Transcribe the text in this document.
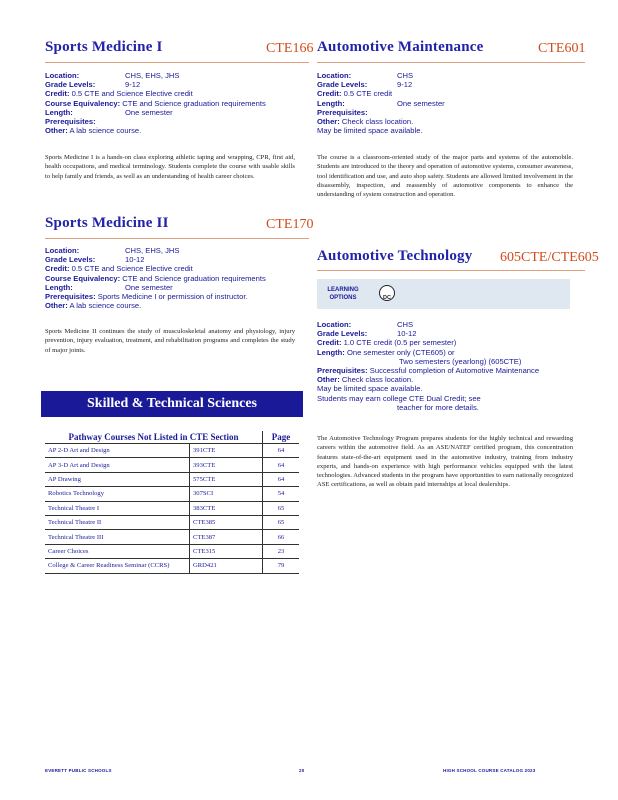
Sports Medicine I	CTE166
Location:	CHS, EHS, JHS
Grade Levels:	9-12
Credit: 0.5 CTE and Science Elective credit
Course Equivalency: CTE and Science graduation requirements
Length:	One semester
Prerequisites:
Other: A lab science course.
Sports Medicine I is a hands-on class exploring athletic taping and wrapping, CPR, first aid, health occupations, and medical terminology. Students complete the course with usable skills to help family and friends, as well as an understanding of health career choices.
Sports Medicine II	CTE170
Location:	CHS, EHS, JHS
Grade Levels:	10-12
Credit: 0.5 CTE and Science Elective credit
Course Equivalency: CTE and Science graduation requirements
Length:	One semester
Prerequisites: Sports Medicine I or permission of instructor.
Other: A lab science course.
Sports Medicine II continues the study of musculoskeletal anatomy and physiology, injury prevention, injury evaluation, treatment, and rehabilitation programs and completes the study of major joints.
Skilled & Technical Sciences
Pathway Courses Not Listed in CTE Section		Page
AP 2-D Art and Design	391CTE	64
AP 3-D Art and Design	393CTE	64
AP Drawing	575CTE	64
Robotics Technology	307SCI	54
Technical Theatre I	383CTE	65
Technical Theatre II	CTE385	65
Technical Theatre III	CTE387	66
Career Choices	CTE315	23
College & Career Readiness Seminar (CCRS)	GRD421	79
Automotive Maintenance	CTE601
Location:	CHS
Grade Levels:	9-12
Credit: 0.5 CTE credit
Length:	One semester
Prerequisites:
Other: Check class location.
May be limited space available.
The course is a classroom-oriented study of the major parts and systems of the automobile. Students are introduced to the theory and operation of automotive systems, consumer awareness, tool identification and use, and auto shop safety. Students are allowed limited involvement in the disassembly, inspection, and reassembly of automotive components to enhance the understanding of system construction and operation.
Automotive Technology 605CTE/CTE605
LEARNING
OPTIONS	DC
Location:	CHS
Grade Levels:	10-12
Credit: 1.0 CTE credit (0.5 per semester)
Length: One semester only (CTE605) or
Two semesters (yearlong) (605CTE)
Prerequisites: Successful completion of Automotive Maintenance
Other: Check class location.
May be limited space available.
Students may earn college CTE Dual Credit; see
teacher for more details.
The Automotive Technology Program prepares students for the highly technical and rewarding careers within the automotive field. As an ASE/NATEF certified program, this concentration features state-of-the-art equipment used in the automotive industry, training from industry experts, and hands-on experience with high performance vehicles equipped with the latest technologies. Advanced students in the program have opportunities to earn nationally recognized ASE certifications, as well as obtain paid internships at local dealerships.
EVERETT PUBLIC SCHOOLS	20	HIGH SCHOOL COURSE CATALOG 2023
